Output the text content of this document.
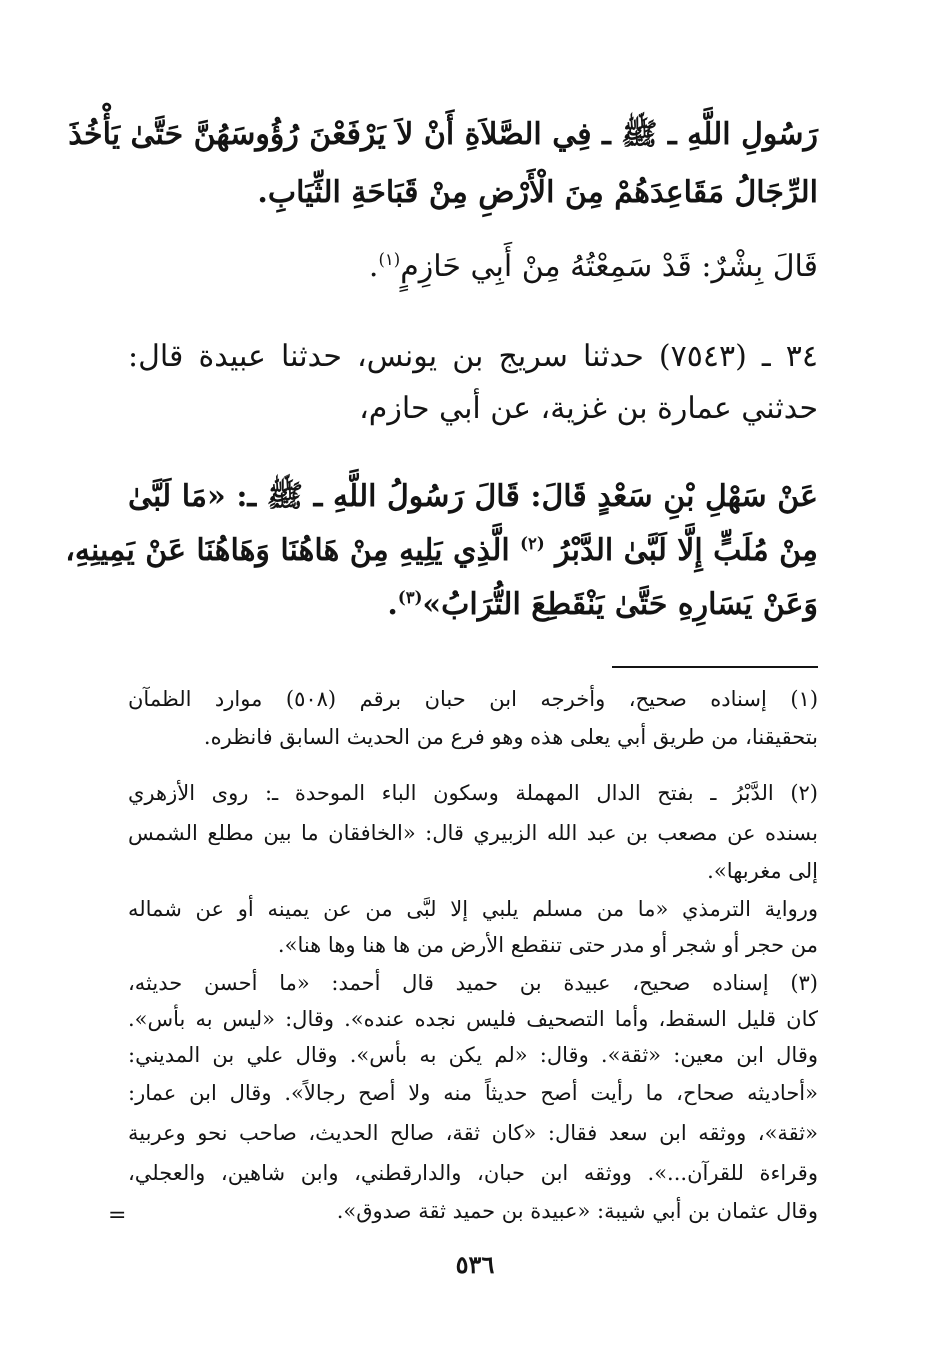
رَسُولِ اللَّهِ ـ ﷺ ـ فِي الصَّلاَةِ أَنْ لاَ يَرْفَعْنَ رُؤُوسَهُنَّ حَتَّىٰ يَأْخُذَ

الرِّجَالُ مَقَاعِدَهُمْ مِنَ الْأَرْضِ مِنْ قَبَاحَةِ الثِّيَابِ.

قَالَ بِشْرٌ: قَدْ سَمِعْتُهُ مِنْ أَبِي حَازِمٍ$^{(١)}$.

٣٤ ـ (٧٥٤٣) حدثنا سريج بن يونس، حدثنا عبيدة قال:

حدثني عمارة بن غزية، عن أبي حازم،

عَنْ سَهْلِ بْنِ سَعْدٍ قَالَ: قَالَ رَسُولُ اللَّهِ ـ ﷺ ـ: «مَا لَبَّىٰ

مِنْ مُلَبٍّ إِلَّا لَبَّىٰ الدَّبْرُ $^{(٢)}$ الَّذِي يَلِيهِ مِنْ هَاهُنَا وَهَاهُنَا عَنْ يَمِينِهِ،

وَعَنْ يَسَارِهِ حَتَّىٰ يَنْقَطِعَ التُّرَابُ»$^{(٣)}$.

(١) إسناده صحيح، وأخرجه ابن حبان برقم (٥٠٨) موارد الظمآن

بتحقيقنا، من طريق أبي يعلى هذه وهو فرع من الحديث السابق فانظره.

(٢) الدَّبْرُ ـ بفتح الدال المهملة وسكون الباء الموحدة ـ: روى الأزهري

بسنده عن مصعب بن عبد الله الزبيري قال: «الخافقان ما بين مطلع الشمس

إلى مغربها».

ورواية الترمذي «ما من مسلم يلبي إلا لبَّى من عن يمينه أو عن شماله

من حجر أو شجر أو مدر حتى تنقطع الأرض من ها هنا وها هنا».

(٣) إسناده صحيح، عبيدة بن حميد قال أحمد: «ما أحسن حديثه،

كان قليل السقط، وأما التصحيف فليس نجده عنده». وقال: «ليس به بأس».

وقال ابن معين: «ثقة». وقال: «لم يكن به بأس». وقال علي بن المديني:

«أحاديثه صحاح، ما رأيت أصح حديثاً منه ولا أصح رجالاً». وقال ابن عمار:

«ثقة»، ووثقه ابن سعد فقال: «كان ثقة، صالح الحديث، صاحب نحو وعربية

وقراءة للقرآن...». ووثقه ابن حبان، والدارقطني، وابن شاهين، والعجلي،

وقال عثمان بن أبي شيبة: «عبيدة بن حميد ثقة صدوق».

=
٥٣٦
